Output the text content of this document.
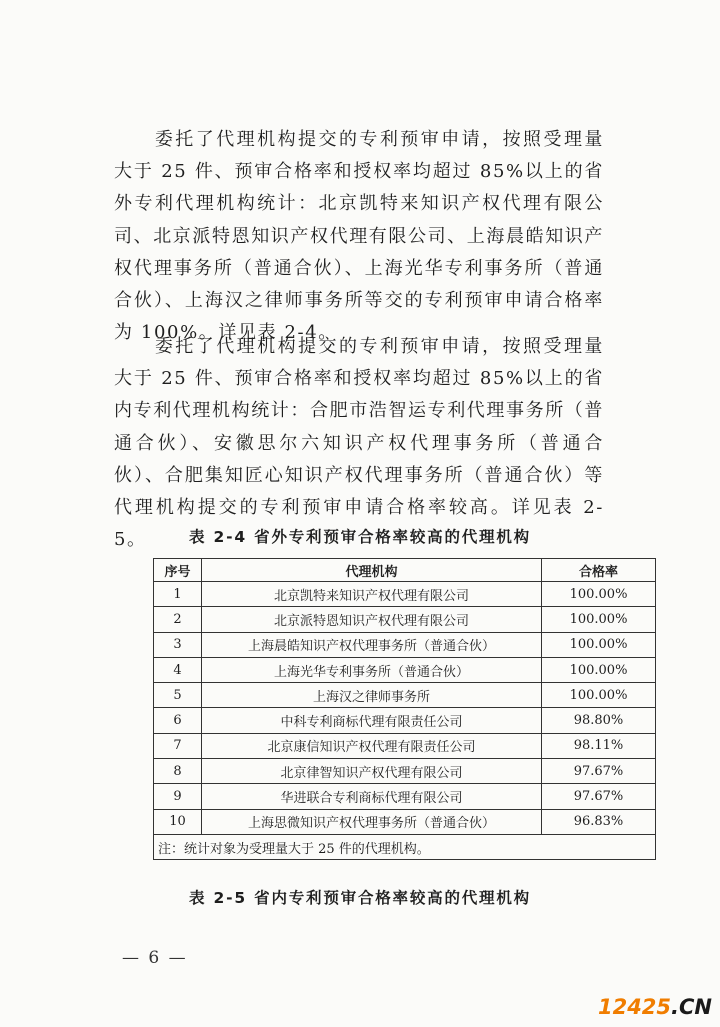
委托了代理机构提交的专利预审申请，按照受理量大于 25 件、预审合格率和授权率均超过 85%以上的省外专利代理机构统计：北京凯特来知识产权代理有限公司、北京派特恩知识产权代理有限公司、上海晨皓知识产权代理事务所（普通合伙）、上海光华专利事务所（普通合伙）、上海汉之律师事务所等交的专利预审申请合格率为 100%。详见表 2-4。

委托了代理机构提交的专利预审申请，按照受理量大于 25 件、预审合格率和授权率均超过 85%以上的省内专利代理机构统计：合肥市浩智运专利代理事务所（普通合伙）、安徽思尔六知识产权代理事务所（普通合伙）、合肥集知匠心知识产权代理事务所（普通合伙）等代理机构提交的专利预审申请合格率较高。详见表 2-5。	表 2-4 省外专利预审合格率较高的代理机构
序号	代理机构	合格率
1	北京凯特来知识产权代理有限公司	100.00%
2	北京派特恩知识产权代理有限公司	100.00%
3	上海晨皓知识产权代理事务所（普通合伙）	100.00%
4	上海光华专利事务所（普通合伙）	100.00%
5	上海汉之律师事务所	100.00%
6	中科专利商标代理有限责任公司	98.80%
7	北京康信知识产权代理有限责任公司	98.11%
8	北京律智知识产权代理有限公司	97.67%
9	华进联合专利商标代理有限公司	97.67%
10	上海思微知识产权代理事务所（普通合伙）	96.83%
注：统计对象为受理量大于 25 件的代理机构。		
表 2-5 省内专利预审合格率较高的代理机构
— 6 —
12425.CN
